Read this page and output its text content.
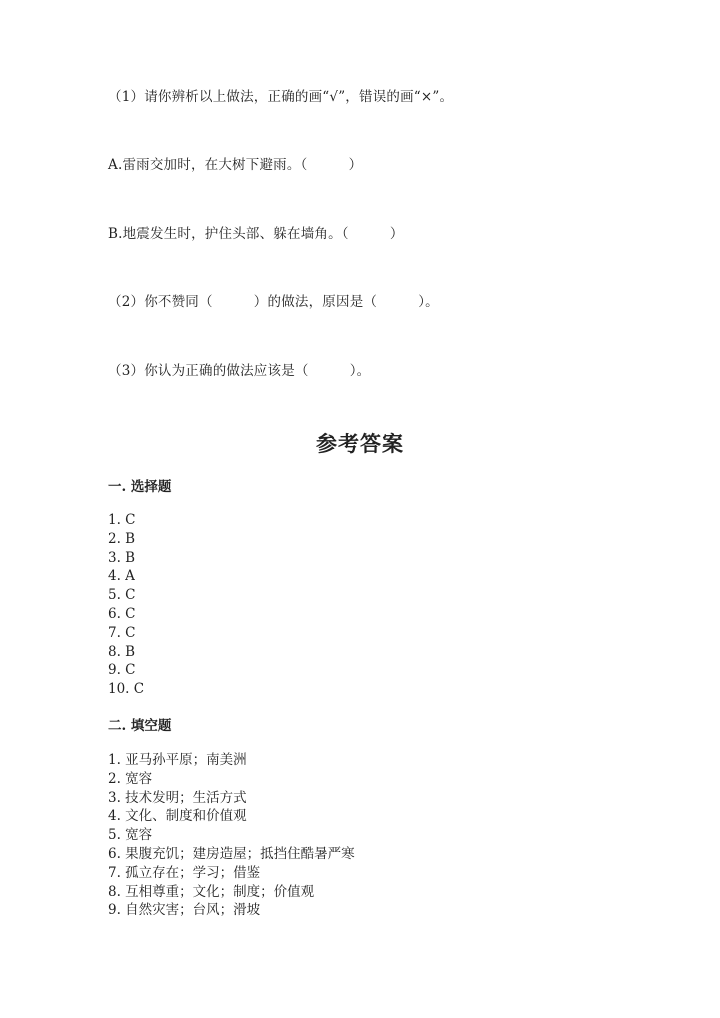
（1）请你辨析以上做法，正确的画“√”，错误的画“×”。
A.雷雨交加时，在大树下避雨。（　　　）
B.地震发生时，护住头部、躲在墙角。（　　　）
（2）你不赞同（　　　）的做法，原因是（　　　）。
（3）你认为正确的做法应该是（　　　）。
参考答案
一. 选择题
1. C
2. B
3. B
4. A
5. C
6. C
7. C
8. B
9. C
10. C
二. 填空题
1. 亚马孙平原；南美洲
2. 宽容
3. 技术发明；生活方式
4. 文化、制度和价值观
5. 宽容
6. 果腹充饥；建房造屋；抵挡住酷暑严寒
7. 孤立存在；学习；借鉴
8. 互相尊重；文化；制度；价值观
9. 自然灾害；台风；滑坡
